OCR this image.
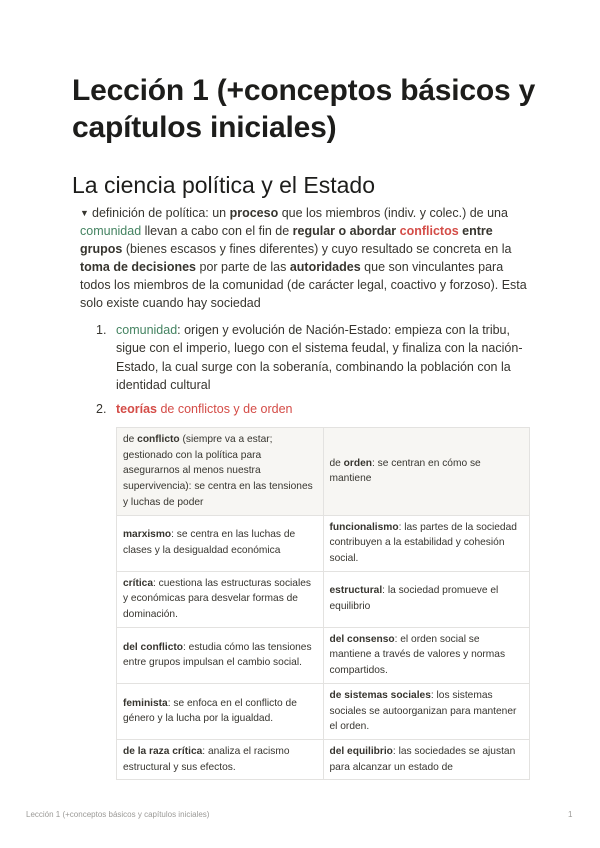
Lección 1 (+conceptos básicos y capítulos iniciales)
La ciencia política y el Estado
▼ definición de política: un proceso que los miembros (indiv. y colec.) de una comunidad llevan a cabo con el fin de regular o abordar conflictos entre grupos (bienes escasos y fines diferentes) y cuyo resultado se concreta en la toma de decisiones por parte de las autoridades que son vinculantes para todos los miembros de la comunidad (de carácter legal, coactivo y forzoso). Esta solo existe cuando hay sociedad
1. comunidad: origen y evolución de Nación-Estado: empieza con la tribu, sigue con el imperio, luego con el sistema feudal, y finaliza con la nación-Estado, la cual surge con la soberanía, combinando la población con la identidad cultural
2. teorías de conflictos y de orden
de conflicto (siempre va a estar; gestionado con la política para asegurarnos al menos nuestra supervivencia): se centra en las tensiones y luchas de poder	de orden: se centran en cómo se mantiene
marxismo: se centra en las luchas de clases y la desigualdad económica	funcionalismo: las partes de la sociedad contribuyen a la estabilidad y cohesión social.
crítica: cuestiona las estructuras sociales y económicas para desvelar formas de dominación.	estructural: la sociedad promueve el equilibrio
del conflicto: estudia cómo las tensiones entre grupos impulsan el cambio social.	del consenso: el orden social se mantiene a través de valores y normas compartidos.
feminista: se enfoca en el conflicto de género y la lucha por la igualdad.	de sistemas sociales: los sistemas sociales se autoorganizan para mantener el orden.
de la raza crítica: analiza el racismo estructural y sus efectos.	del equilibrio: las sociedades se ajustan para alcanzar un estado de
Lección 1 (+conceptos básicos y capítulos iniciales)	1
